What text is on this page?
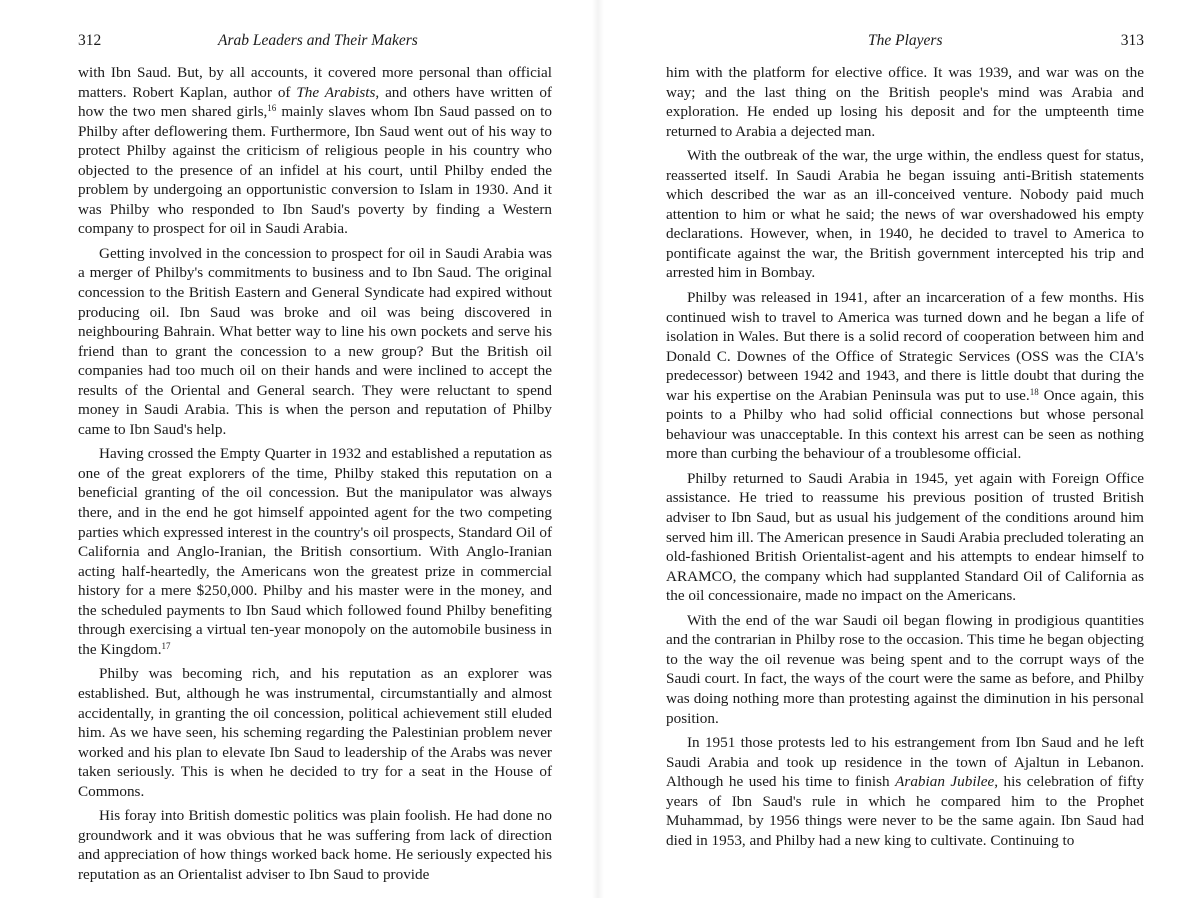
312	Arab Leaders and Their Makers

with Ibn Saud. But, by all accounts, it covered more personal than official matters. Robert Kaplan, author of The Arabists, and others have written of how the two men shared girls,$^{16}$ mainly slaves whom Ibn Saud passed on to Philby after deflowering them. Furthermore, Ibn Saud went out of his way to protect Philby against the criticism of religious people in his country who objected to the presence of an infidel at his court, until Philby ended the problem by undergoing an opportunistic conversion to Islam in 1930. And it was Philby who responded to Ibn Saud's poverty by finding a Western company to prospect for oil in Saudi Arabia.

Getting involved in the concession to prospect for oil in Saudi Arabia was a merger of Philby's commitments to business and to Ibn Saud. The original concession to the British Eastern and General Syndicate had expired without producing oil. Ibn Saud was broke and oil was being discovered in neighbouring Bahrain. What better way to line his own pockets and serve his friend than to grant the concession to a new group? But the British oil companies had too much oil on their hands and were inclined to accept the results of the Oriental and General search. They were reluctant to spend money in Saudi Arabia. This is when the person and reputation of Philby came to Ibn Saud's help.

Having crossed the Empty Quarter in 1932 and established a reputation as one of the great explorers of the time, Philby staked this reputation on a beneficial granting of the oil concession. But the manipulator was always there, and in the end he got himself appointed agent for the two competing parties which expressed interest in the country's oil prospects, Standard Oil of California and Anglo-Iranian, the British consortium. With Anglo-Iranian acting half-heartedly, the Americans won the greatest prize in commercial history for a mere $250,000. Philby and his master were in the money, and the scheduled payments to Ibn Saud which followed found Philby benefiting through exercising a virtual ten-year monopoly on the automobile business in the Kingdom.$^{17}$

Philby was becoming rich, and his reputation as an explorer was established. But, although he was instrumental, circumstantially and almost accidentally, in granting the oil concession, political achievement still eluded him. As we have seen, his scheming regarding the Palestinian problem never worked and his plan to elevate Ibn Saud to leadership of the Arabs was never taken seriously. This is when he decided to try for a seat in the House of Commons.

His foray into British domestic politics was plain foolish. He had done no groundwork and it was obvious that he was suffering from lack of direction and appreciation of how things worked back home. He seriously expected his reputation as an Orientalist adviser to Ibn Saud to provide

The Players	313

him with the platform for elective office. It was 1939, and war was on the way; and the last thing on the British people's mind was Arabia and exploration. He ended up losing his deposit and for the umpteenth time returned to Arabia a dejected man.

With the outbreak of the war, the urge within, the endless quest for status, reasserted itself. In Saudi Arabia he began issuing anti-British statements which described the war as an ill-conceived venture. Nobody paid much attention to him or what he said; the news of war overshadowed his empty declarations. However, when, in 1940, he decided to travel to America to pontificate against the war, the British government intercepted his trip and arrested him in Bombay.

Philby was released in 1941, after an incarceration of a few months. His continued wish to travel to America was turned down and he began a life of isolation in Wales. But there is a solid record of cooperation between him and Donald C. Downes of the Office of Strategic Services (OSS was the CIA's predecessor) between 1942 and 1943, and there is little doubt that during the war his expertise on the Arabian Peninsula was put to use.$^{18}$ Once again, this points to a Philby who had solid official connections but whose personal behaviour was unacceptable. In this context his arrest can be seen as nothing more than curbing the behaviour of a troublesome official.

Philby returned to Saudi Arabia in 1945, yet again with Foreign Office assistance. He tried to reassume his previous position of trusted British adviser to Ibn Saud, but as usual his judgement of the conditions around him served him ill. The American presence in Saudi Arabia precluded tolerating an old-fashioned British Orientalist-agent and his attempts to endear himself to ARAMCO, the company which had supplanted Standard Oil of California as the oil concessionaire, made no impact on the Americans.

With the end of the war Saudi oil began flowing in prodigious quantities and the contrarian in Philby rose to the occasion. This time he began objecting to the way the oil revenue was being spent and to the corrupt ways of the Saudi court. In fact, the ways of the court were the same as before, and Philby was doing nothing more than protesting against the diminution in his personal position.

In 1951 those protests led to his estrangement from Ibn Saud and he left Saudi Arabia and took up residence in the town of Ajaltun in Lebanon. Although he used his time to finish Arabian Jubilee, his celebration of fifty years of Ibn Saud's rule in which he compared him to the Prophet Muhammad, by 1956 things were never to be the same again. Ibn Saud had died in 1953, and Philby had a new king to cultivate. Continuing to
